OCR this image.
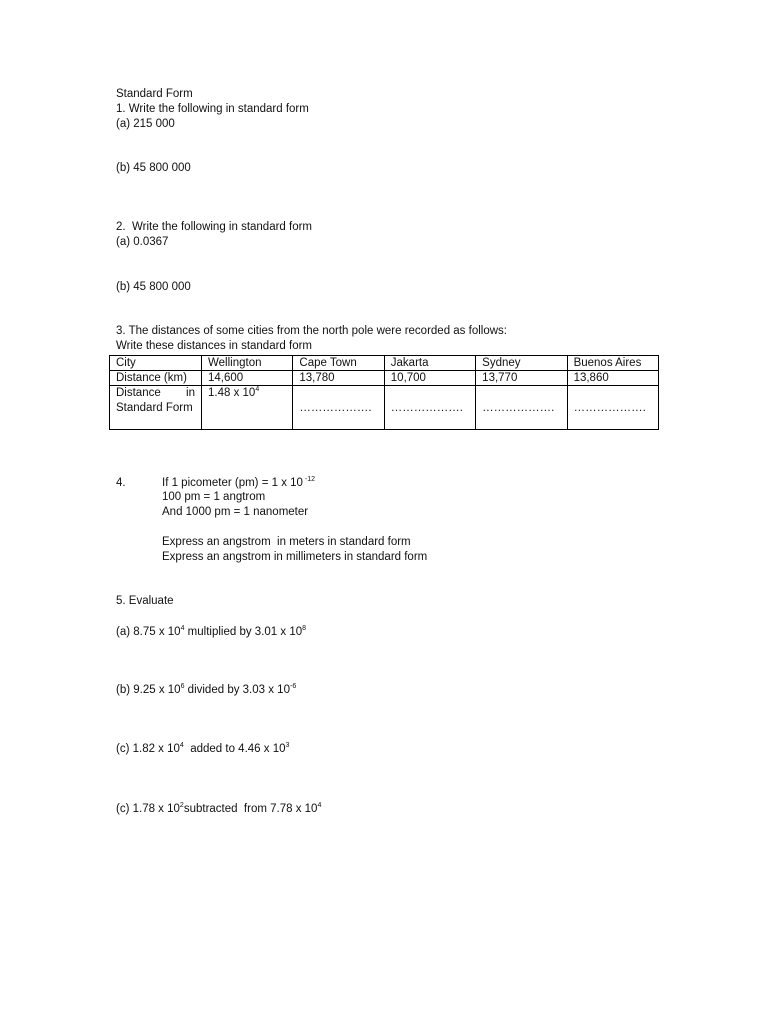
Standard Form
1. Write the following in standard form
(a) 215 000
(b) 45 800 000
2.  Write the following in standard form
(a) 0.0367
(b) 45 800 000
3. The distances of some cities from the north pole were recorded as follows:
Write these distances in standard form
City	Wellington	Cape Town	Jakarta	Sydney	Buenos Aires
Distance (km)	14,600	13,780	10,700	13,770	13,860

Distance in
Standard Form	1.48 x $10^4$	……………….	……………….	……………….	……………….
4.	If 1 picometer (pm) = 1 x 10 $^{-12}$
100 pm = 1 angtrom
And 1000 pm = 1 nanometer
Express an angstrom  in meters in standard form
Express an angstrom in millimeters in standard form
5. Evaluate
(a) 8.75 x $10^4$ multiplied by 3.01 x $10^8$
(b) 9.25 x $10^6$ divided by 3.03 x $10^{-6}$
(c) 1.82 x $10^4$  added to 4.46 x $10^3$
(c) 1.78 x $10^2subtracted$  from 7.78 x $10^4$
